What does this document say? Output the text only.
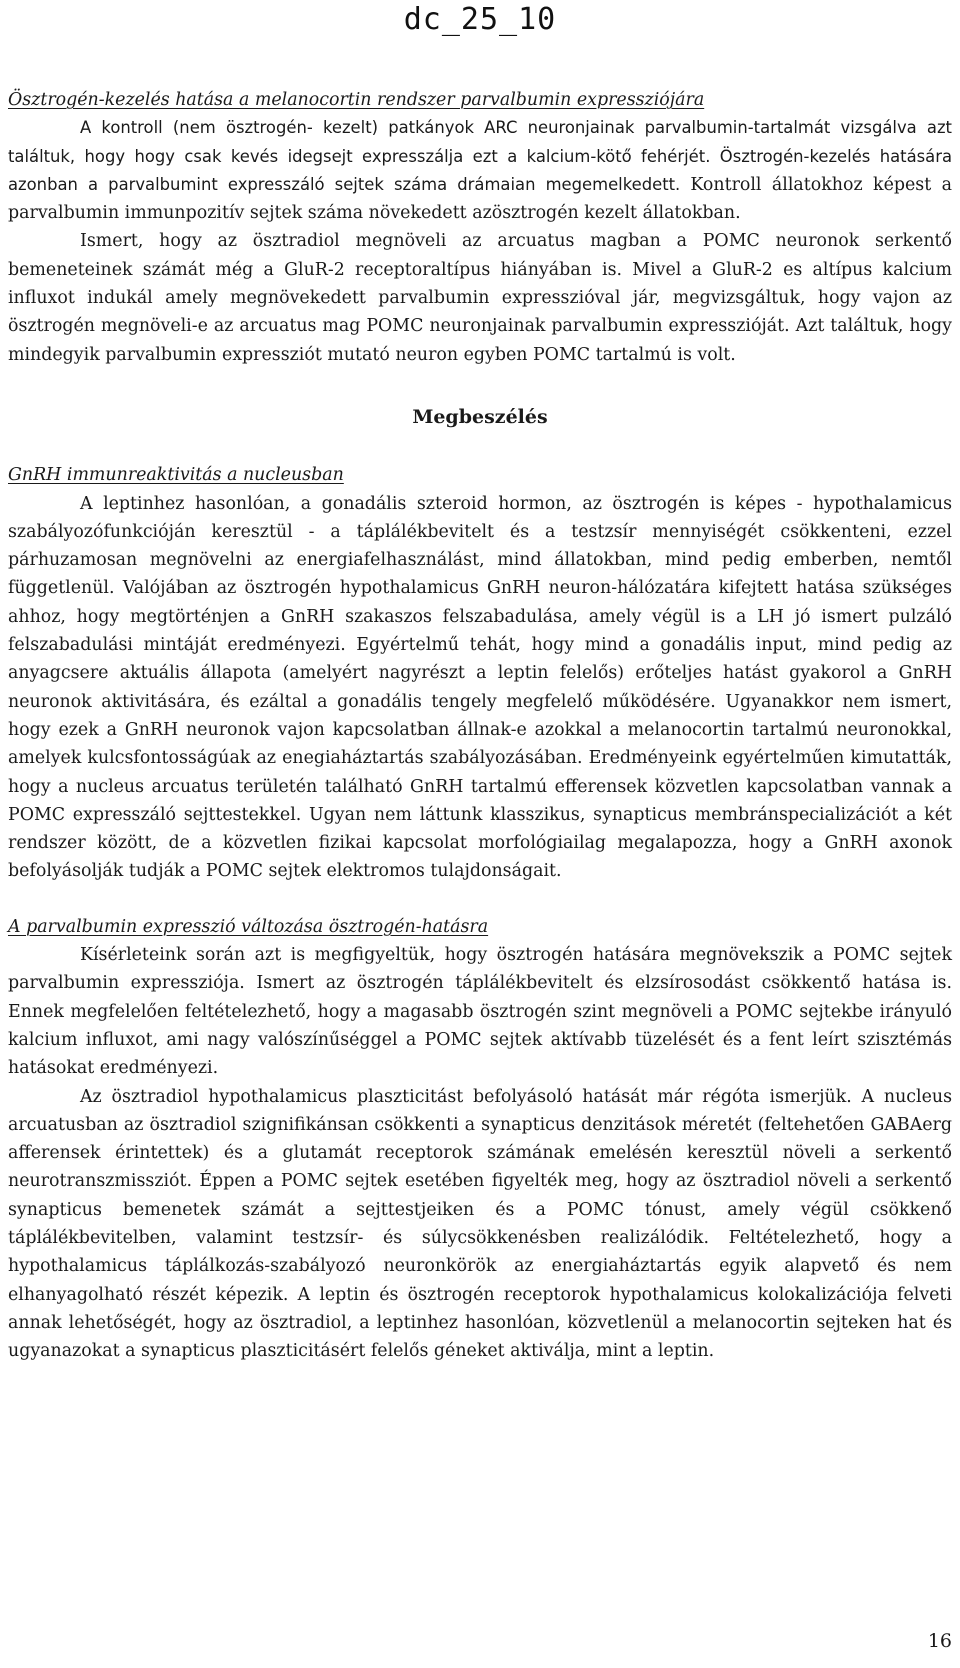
dc_25_10

Ösztrogén-kezelés hatása a melanocortin rendszer parvalbumin expressziójára

A kontroll (nem ösztrogén- kezelt) patkányok ARC neuronjainak parvalbumin-tartalmát vizsgálva azt találtuk, hogy hogy csak kevés idegsejt expresszálja ezt a kalcium-kötő fehérjét. Ösztrogén-kezelés hatására azonban a parvalbumint expresszáló sejtek száma drámaian megemelkedett. Kontroll állatokhoz képest a parvalbumin immunpozitív sejtek száma növekedett azösztrogén kezelt állatokban.

Ismert, hogy az ösztradiol megnöveli az arcuatus magban a POMC neuronok serkentő bemeneteinek számát még a GluR-2 receptoraltípus hiányában is. Mivel a GluR-2 es altípus kalcium influxot indukál amely megnövekedett parvalbumin expresszióval jár, megvizsgáltuk, hogy vajon az ösztrogén megnöveli-e az arcuatus mag POMC neuronjainak parvalbumin expresszióját. Azt találtuk, hogy mindegyik parvalbumin expressziót mutató neuron egyben POMC tartalmú is volt.

Megbeszélés

GnRH immunreaktivitás a nucleusban

A leptinhez hasonlóan, a gonadális szteroid hormon, az ösztrogén is képes - hypothalamicus szabályozófunkcióján keresztül - a táplálékbevitelt és a testzsír mennyiségét csökkenteni, ezzel párhuzamosan megnövelni az energiafelhasználást, mind állatokban, mind pedig emberben, nemtől függetlenül. Valójában az ösztrogén hypothalamicus GnRH neuron-hálózatára kifejtett hatása szükséges ahhoz, hogy megtörténjen a GnRH szakaszos felszabadulása, amely végül is a LH jó ismert pulzáló felszabadulási mintáját eredményezi. Egyértelmű tehát, hogy mind a gonadális input, mind pedig az anyagcsere aktuális állapota (amelyért nagyrészt a leptin felelős) erőteljes hatást gyakorol a GnRH neuronok aktivitására, és ezáltal a gonadális tengely megfelelő működésére. Ugyanakkor nem ismert, hogy ezek a GnRH neuronok vajon kapcsolatban állnak-e azokkal a melanocortin tartalmú neuronokkal, amelyek kulcsfontosságúak az enegiaháztartás szabályozásában. Eredményeink egyértelműen kimutatták, hogy a nucleus arcuatus területén található GnRH tartalmú efferensek közvetlen kapcsolatban vannak a POMC expresszáló sejttestekkel. Ugyan nem láttunk klasszikus, synapticus membránspecializációt a két rendszer között, de a közvetlen fizikai kapcsolat morfológiailag megalapozza, hogy a GnRH axonok befolyásolják tudják a POMC sejtek elektromos tulajdonságait.

A parvalbumin expresszió változása ösztrogén-hatásra

Kísérleteink során azt is megfigyeltük, hogy ösztrogén hatására megnövekszik a POMC sejtek parvalbumin expressziója. Ismert az ösztrogén táplálékbevitelt és elzsírosodást csökkentő hatása is. Ennek megfelelően feltételezhető, hogy a magasabb ösztrogén szint megnöveli a POMC sejtekbe irányuló kalcium influxot, ami nagy valószínűséggel a POMC sejtek aktívabb tüzelését és a fent leírt szisztémás hatásokat eredményezi.

Az ösztradiol hypothalamicus plaszticitást befolyásoló hatását már régóta ismerjük. A nucleus arcuatusban az ösztradiol szignifikánsan csökkenti a synapticus denzitások méretét (feltehetően GABAerg afferensek érintettek) és a glutamát receptorok számának emelésén keresztül növeli a serkentő neurotranszmissziót. Éppen a POMC sejtek esetében figyelték meg, hogy az ösztradiol növeli a serkentő synapticus bemenetek számát a sejttestjeiken és a POMC tónust, amely végül csökkenő táplálékbevitelben, valamint testzsír- és súlycsökkenésben realizálódik. Feltételezhető, hogy a hypothalamicus táplálkozás-szabályozó neuronkörök az energiaháztartás egyik alapvető és nem elhanyagolható részét képezik. A leptin és ösztrogén receptorok hypothalamicus kolokalizációja felveti annak lehetőségét, hogy az ösztradiol, a leptinhez hasonlóan, közvetlenül a melanocortin sejteken hat és ugyanazokat a synapticus plaszticitásért felelős géneket aktiválja, mint a leptin.

16
